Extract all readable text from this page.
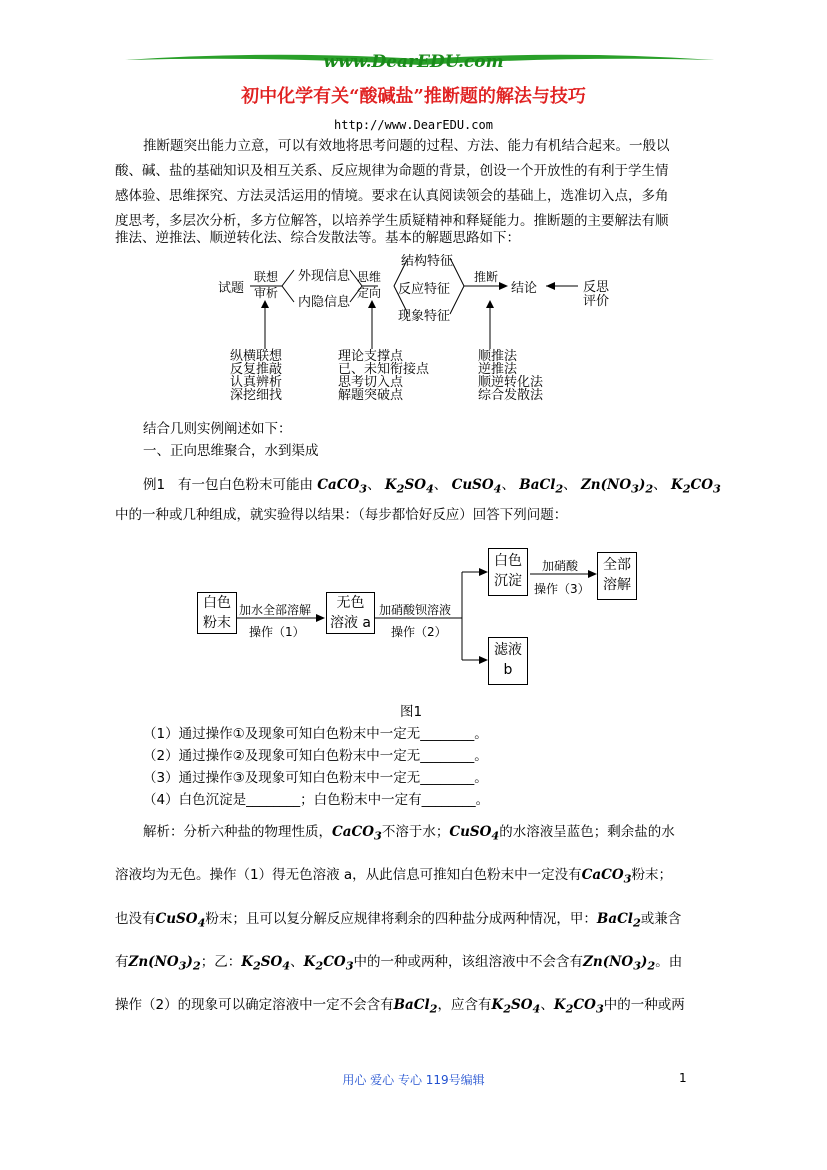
www.DearEDU.com
初中化学有关“酸碱盐”推断题的解法与技巧
http://www.DearEDU.com
推断题突出能力立意，可以有效地将思考问题的过程、方法、能力有机结合起来。一般以
酸、碱、盐的基础知识及相互关系、反应规律为命题的背景，创设一个开放性的有利于学生情
感体验、思维探究、方法灵活运用的情境。要求在认真阅读领会的基础上，选准切入点，多角
度思考，多层次分析，多方位解答，以培养学生质疑精神和释疑能力。推断题的主要解法有顺
推法、逆推法、顺逆转化法、综合发散法等。基本的解题思路如下：
试题
联想
审析
外现信息
内隐信息
思维
定向
结构特征
反应特征
现象特征
推断
结论	反思
评价
纵横联想
反复推敲
认真辨析
深挖细找
理论支撑点
已、未知衔接点
思考切入点
解题突破点
顺推法
逆推法
顺逆转化法
综合发散法
结合几则实例阐述如下：
一、正向思维聚合，水到渠成
例1 有一包白色粉末可能由 CaCO$_3$、 $K_2SO_4$、 CuSO$_4$、 BaCl$_2$、 $Zn(NO_3)_2$、 $K_2CO_3$
中的一种或几种组成，就实验得以结果：（每步都恰好反应）回答下列问题：
白色
粉末
无色
溶液 a
白色
沉淀
全部
溶解
滤液
b
加水全部溶解
操作（1）
加硝酸钡溶液
操作（2）
加硝酸
操作（3）
图1
（1）通过操作①及现象可知白色粉末中一定无________。
（2）通过操作②及现象可知白色粉末中一定无________。
（3）通过操作③及现象可知白色粉末中一定无________。
（4）白色沉淀是________；白色粉末中一定有________。
解析：分析六种盐的物理性质，CaCO$_3$不溶于水；CuSO$_4$的水溶液呈蓝色；剩余盐的水
溶液均为无色。操作（1）得无色溶液 a，从此信息可推知白色粉末中一定没有CaCO$_3$粉末；
也没有CuSO$_4$粉末；且可以复分解反应规律将剩余的四种盐分成两种情况，甲：BaCl$_2$或兼含
有$Zn(NO_3)_2$；乙：$K_2SO_4$、$K_2CO_3$中的一种或两种，该组溶液中不会含有$Zn(NO_3)_2$。由
操作（2）的现象可以确定溶液中一定不会含有BaCl$_2$，应含有$K_2SO_4$、$K_2CO_3$中的一种或两
用心 爱心 专心 119号编辑	1
